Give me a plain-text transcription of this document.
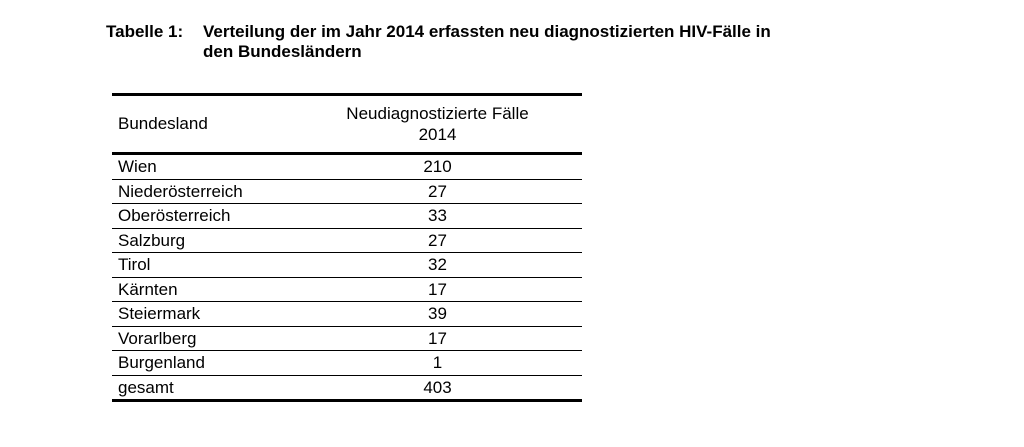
Tabelle 1: Verteilung der im Jahr 2014 erfassten neu diagnostizierten HIV-Fälle in
den Bundesländern
Bundesland	Neudiagnostizierte Fälle
2014

Wien	210
Niederösterreich	27
Oberösterreich	33
Salzburg	27
Tirol	32
Kärnten	17
Steiermark	39
Vorarlberg	17
Burgenland	1
gesamt	403
